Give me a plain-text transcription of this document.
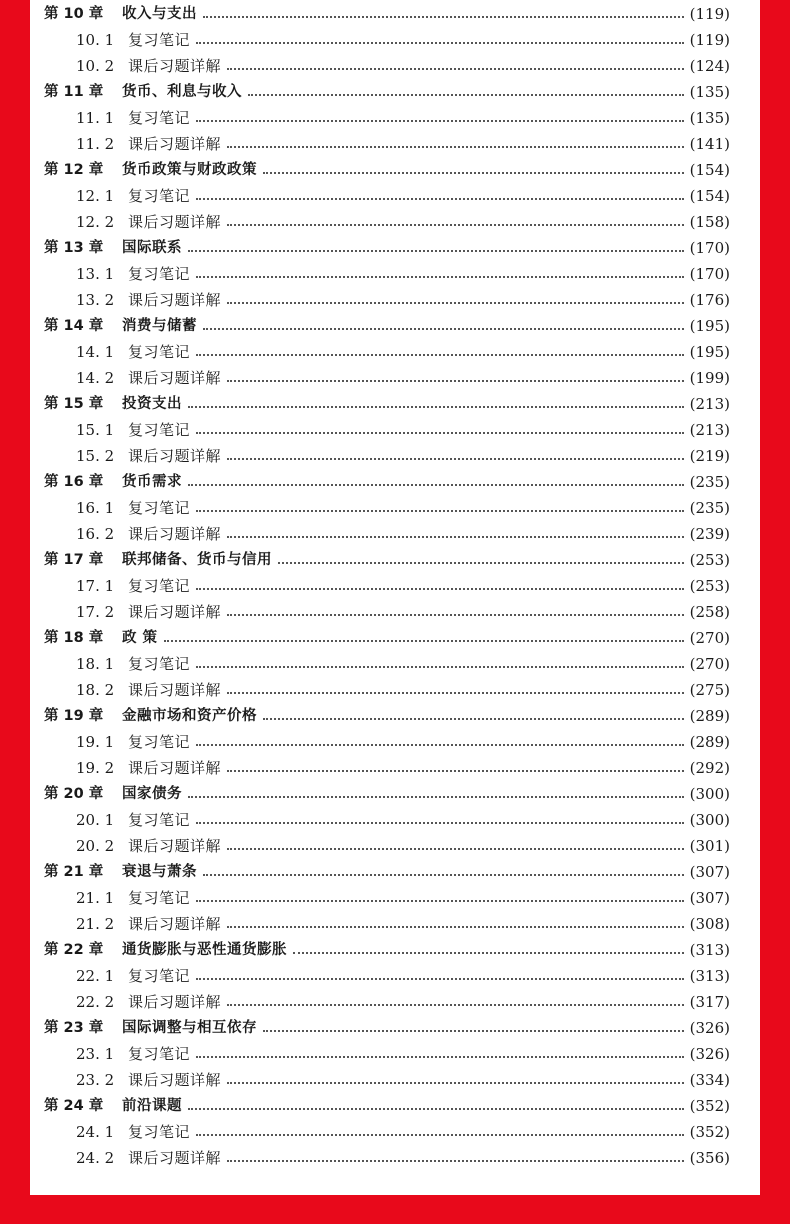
第 10 章	收入与支出	(119)
10. 1 复习笔记	(119)
10. 2 课后习题详解	(124)
第 11 章	货币、利息与收入	(135)
11. 1 复习笔记	(135)
11. 2 课后习题详解	(141)
第 12 章	货币政策与财政政策	(154)
12. 1 复习笔记	(154)
12. 2 课后习题详解	(158)
第 13 章	国际联系	(170)
13. 1 复习笔记	(170)
13. 2 课后习题详解	(176)
第 14 章	消费与储蓄	(195)
14. 1 复习笔记	(195)
14. 2 课后习题详解	(199)
第 15 章	投资支出	(213)
15. 1 复习笔记	(213)
15. 2 课后习题详解	(219)
第 16 章	货币需求	(235)
16. 1 复习笔记	(235)
16. 2 课后习题详解	(239)
第 17 章	联邦储备、货币与信用	(253)
17. 1 复习笔记	(253)
17. 2 课后习题详解	(258)
第 18 章	政 策	(270)
18. 1 复习笔记	(270)
18. 2 课后习题详解	(275)
第 19 章	金融市场和资产价格	(289)
19. 1 复习笔记	(289)
19. 2 课后习题详解	(292)
第 20 章	国家债务	(300)
20. 1 复习笔记	(300)
20. 2 课后习题详解	(301)
第 21 章	衰退与萧条	(307)
21. 1 复习笔记	(307)
21. 2 课后习题详解	(308)
第 22 章	通货膨胀与恶性通货膨胀	(313)
22. 1 复习笔记	(313)
22. 2 课后习题详解	(317)
第 23 章	国际调整与相互依存	(326)
23. 1 复习笔记	(326)
23. 2 课后习题详解	(334)
第 24 章	前沿课题	(352)
24. 1 复习笔记	(352)
24. 2 课后习题详解	(356)
